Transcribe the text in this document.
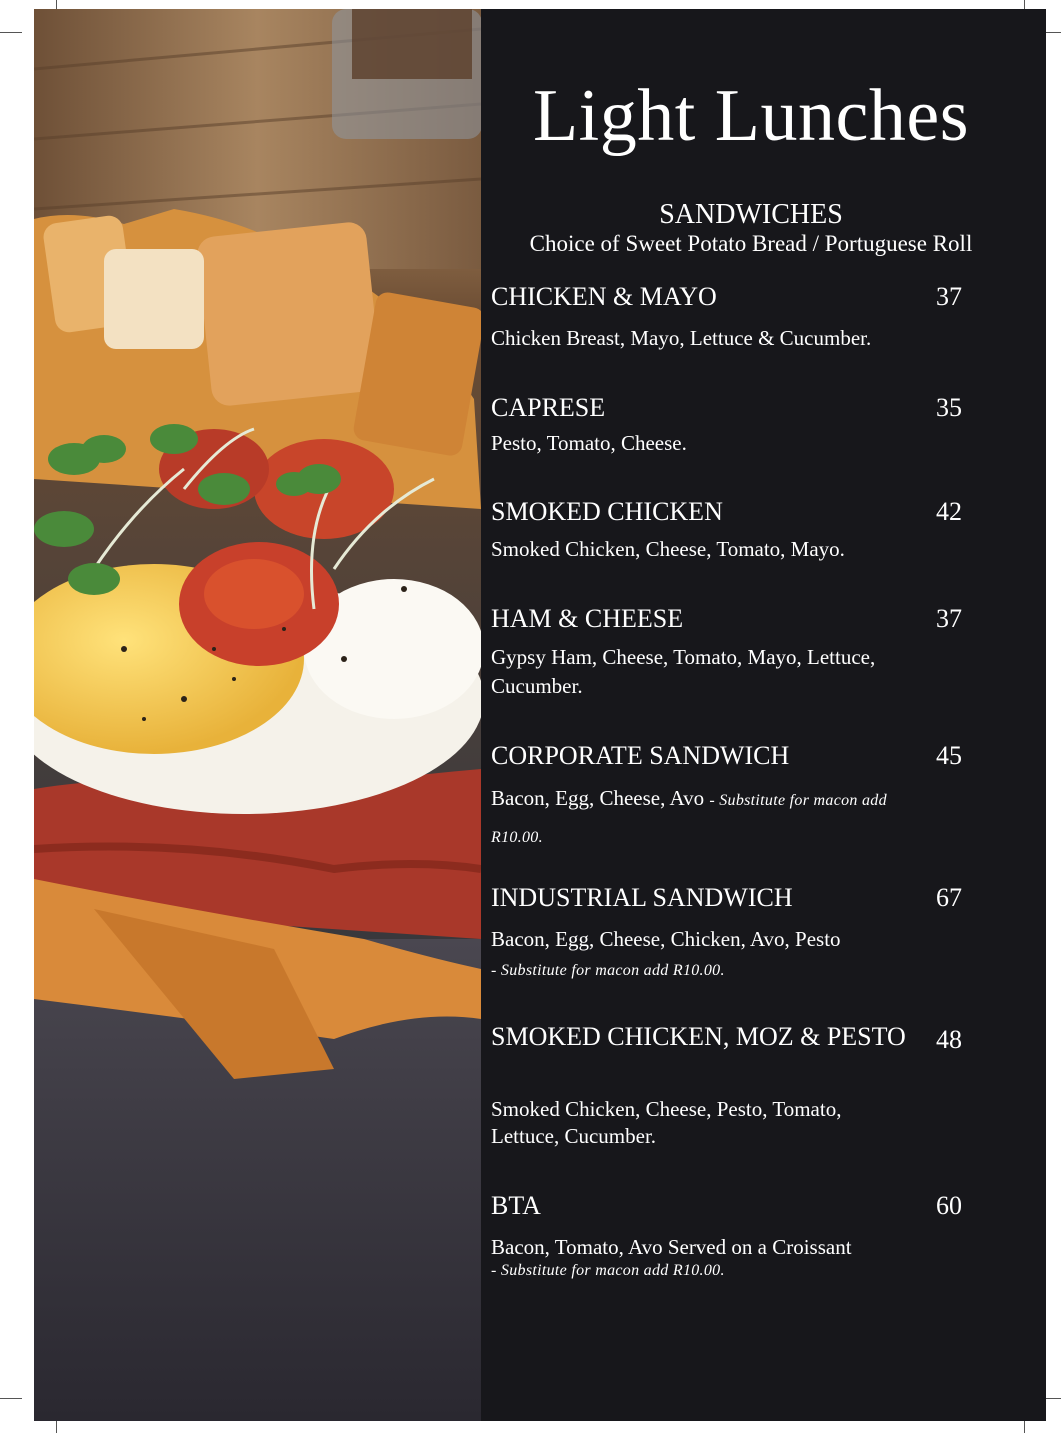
Light Lunches
SANDWICHES
Choice of Sweet Potato Bread / Portuguese Roll
CHICKEN & MAYO	37
Chicken Breast, Mayo, Lettuce & Cucumber.
CAPRESE	35
Pesto, Tomato, Cheese.
SMOKED CHICKEN	42
Smoked Chicken, Cheese, Tomato, Mayo.
HAM & CHEESE	37
Gypsy Ham, Cheese, Tomato, Mayo, Lettuce, Cucumber.
CORPORATE SANDWICH	45
Bacon, Egg, Cheese, Avo - Substitute for macon add R10.00.
INDUSTRIAL SANDWICH	67
Bacon, Egg, Cheese, Chicken, Avo, Pesto
- Substitute for macon add R10.00.
SMOKED CHICKEN, MOZ & PESTO 48
Smoked Chicken, Cheese, Pesto, Tomato, Lettuce, Cucumber.
BTA	60
Bacon, Tomato, Avo Served on a Croissant
- Substitute for macon add R10.00.
